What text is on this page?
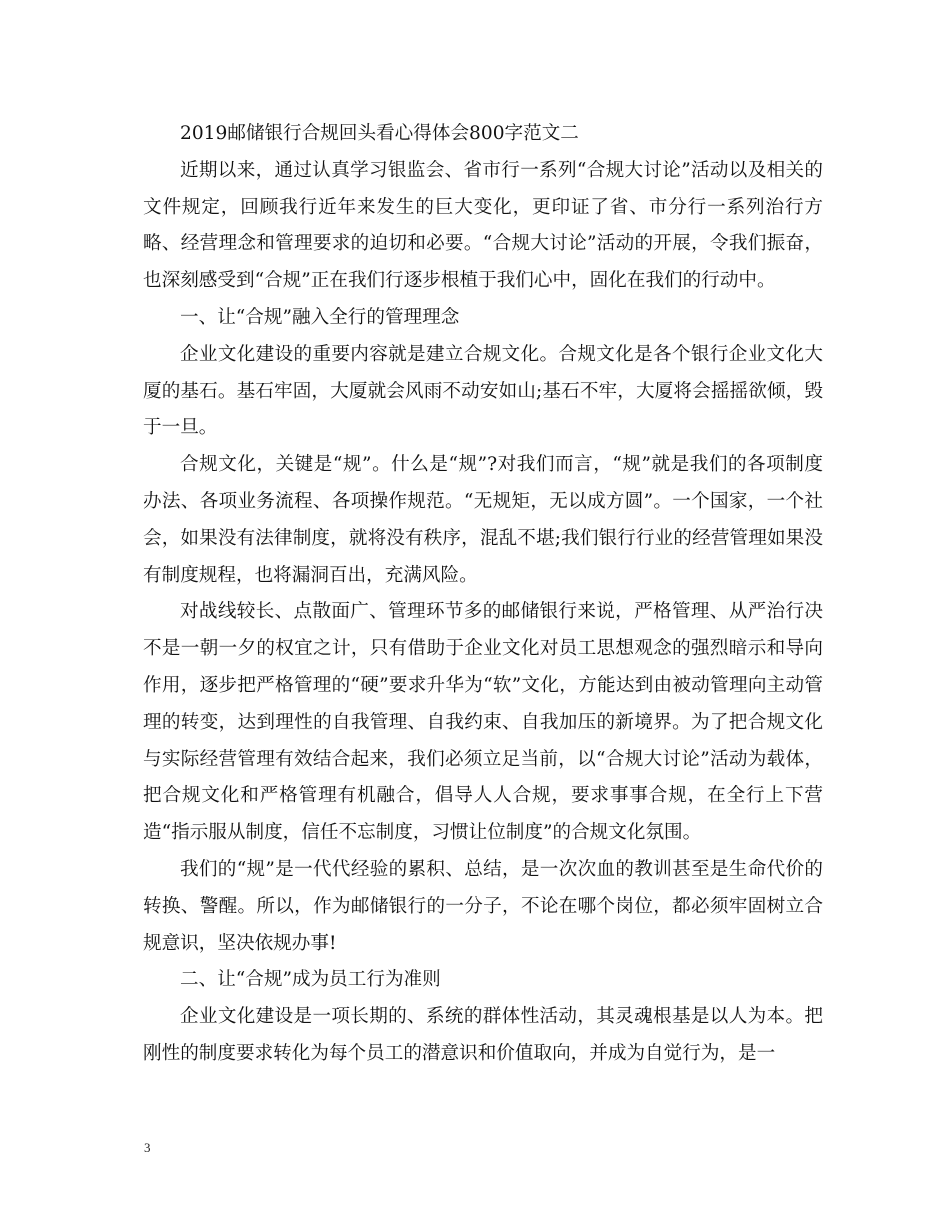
2019邮储银行合规回头看心得体会800字范文二

近期以来，通过认真学习银监会、省市行一系列“合规大讨论”活动以及相关的文件规定，回顾我行近年来发生的巨大变化，更印证了省、市分行一系列治行方略、经营理念和管理要求的迫切和必要。“合规大讨论”活动的开展，令我们振奋，也深刻感受到“合规”正在我们行逐步根植于我们心中，固化在我们的行动中。

一、让“合规”融入全行的管理理念

企业文化建设的重要内容就是建立合规文化。合规文化是各个银行企业文化大厦的基石。基石牢固，大厦就会风雨不动安如山;基石不牢，大厦将会摇摇欲倾，毁于一旦。

合规文化，关键是“规”。什么是“规”?对我们而言，“规”就是我们的各项制度办法、各项业务流程、各项操作规范。“无规矩，无以成方圆”。一个国家，一个社会，如果没有法律制度，就将没有秩序，混乱不堪;我们银行行业的经营管理如果没有制度规程，也将漏洞百出，充满风险。

对战线较长、点散面广、管理环节多的邮储银行来说，严格管理、从严治行决不是一朝一夕的权宜之计，只有借助于企业文化对员工思想观念的强烈暗示和导向作用，逐步把严格管理的“硬”要求升华为“软”文化，方能达到由被动管理向主动管理的转变，达到理性的自我管理、自我约束、自我加压的新境界。为了把合规文化与实际经营管理有效结合起来，我们必须立足当前，以“合规大讨论”活动为载体，把合规文化和严格管理有机融合，倡导人人合规，要求事事合规，在全行上下营造“指示服从制度，信任不忘制度，习惯让位制度”的合规文化氛围。

我们的“规”是一代代经验的累积、总结，是一次次血的教训甚至是生命代价的转换、警醒。所以，作为邮储银行的一分子，不论在哪个岗位，都必须牢固树立合规意识，坚决依规办事!

二、让“合规”成为员工行为准则

企业文化建设是一项长期的、系统的群体性活动，其灵魂根基是以人为本。把刚性的制度要求转化为每个员工的潜意识和价值取向，并成为自觉行为，是一

3
